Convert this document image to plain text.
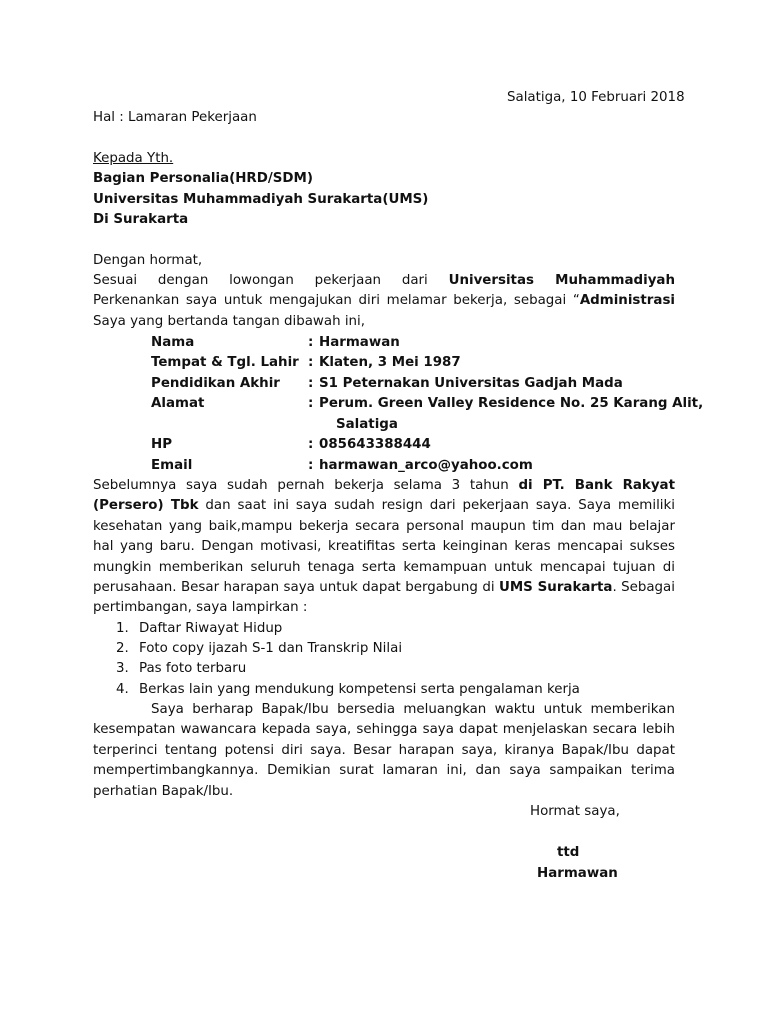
Salatiga, 10 Februari 2018
Hal : Lamaran Pekerjaan
Kepada Yth.
Bagian Personalia(HRD/SDM)
Universitas Muhammadiyah Surakarta(UMS)
Di Surakarta
Dengan hormat,
Sesuai dengan lowongan pekerjaan dari Universitas Muhammadiyah
Perkenankan saya untuk mengajukan diri melamar bekerja, sebagai “Administrasi
Saya yang bertanda tangan dibawah ini,
Nama	: Harmawan
Tempat & Tgl. Lahir : Klaten, 3 Mei 1987
Pendidikan Akhir : S1 Peternakan Universitas Gadjah Mada
Alamat	: Perum. Green Valley Residence No. 25 Karang Alit,
Salatiga
HP	: 085643388444
Email	: harmawan_arco@yahoo.com
Sebelumnya saya sudah pernah bekerja selama 3 tahun di PT. Bank Rakyat
(Persero) Tbk dan saat ini saya sudah resign dari pekerjaan saya. Saya memiliki
kesehatan yang baik,mampu bekerja secara personal maupun tim dan mau belajar
hal yang baru. Dengan motivasi, kreatifitas serta keinginan keras mencapai sukses
mungkin memberikan seluruh tenaga serta kemampuan untuk mencapai tujuan di
perusahaan. Besar harapan saya untuk dapat bergabung di UMS Surakarta. Sebagai
pertimbangan, saya lampirkan :
1. Daftar Riwayat Hidup
2. Foto copy ijazah S-1 dan Transkrip Nilai
3. Pas foto terbaru
4. Berkas lain yang mendukung kompetensi serta pengalaman kerja
Saya berharap Bapak/Ibu bersedia meluangkan waktu untuk memberikan
kesempatan wawancara kepada saya, sehingga saya dapat menjelaskan secara lebih
terperinci tentang potensi diri saya. Besar harapan saya, kiranya Bapak/Ibu dapat
mempertimbangkannya. Demikian surat lamaran ini, dan saya sampaikan terima
perhatian Bapak/Ibu.
Hormat saya,
ttd
Harmawan
